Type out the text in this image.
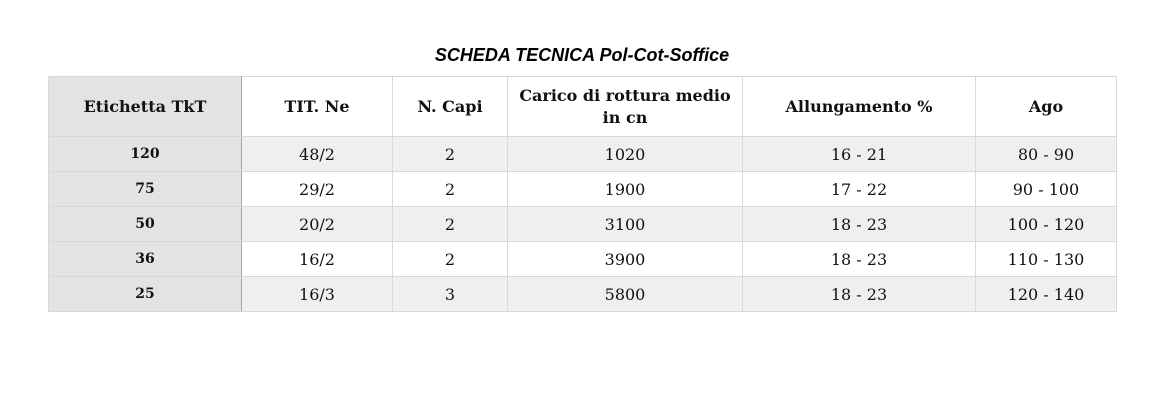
SCHEDA TECNICA Pol-Cot-Soffice
Etichetta TkT	TIT. Ne	N. Capi	Carico di rottura medio in cn	Allungamento %	Ago
120	48/2	2	1020	16 - 21	80 - 90
75	29/2	2	1900	17 - 22	90 - 100
50	20/2	2	3100	18 - 23	100 - 120
36	16/2	2	3900	18 - 23	110 - 130
25	16/3	3	5800	18 - 23	120 - 140
